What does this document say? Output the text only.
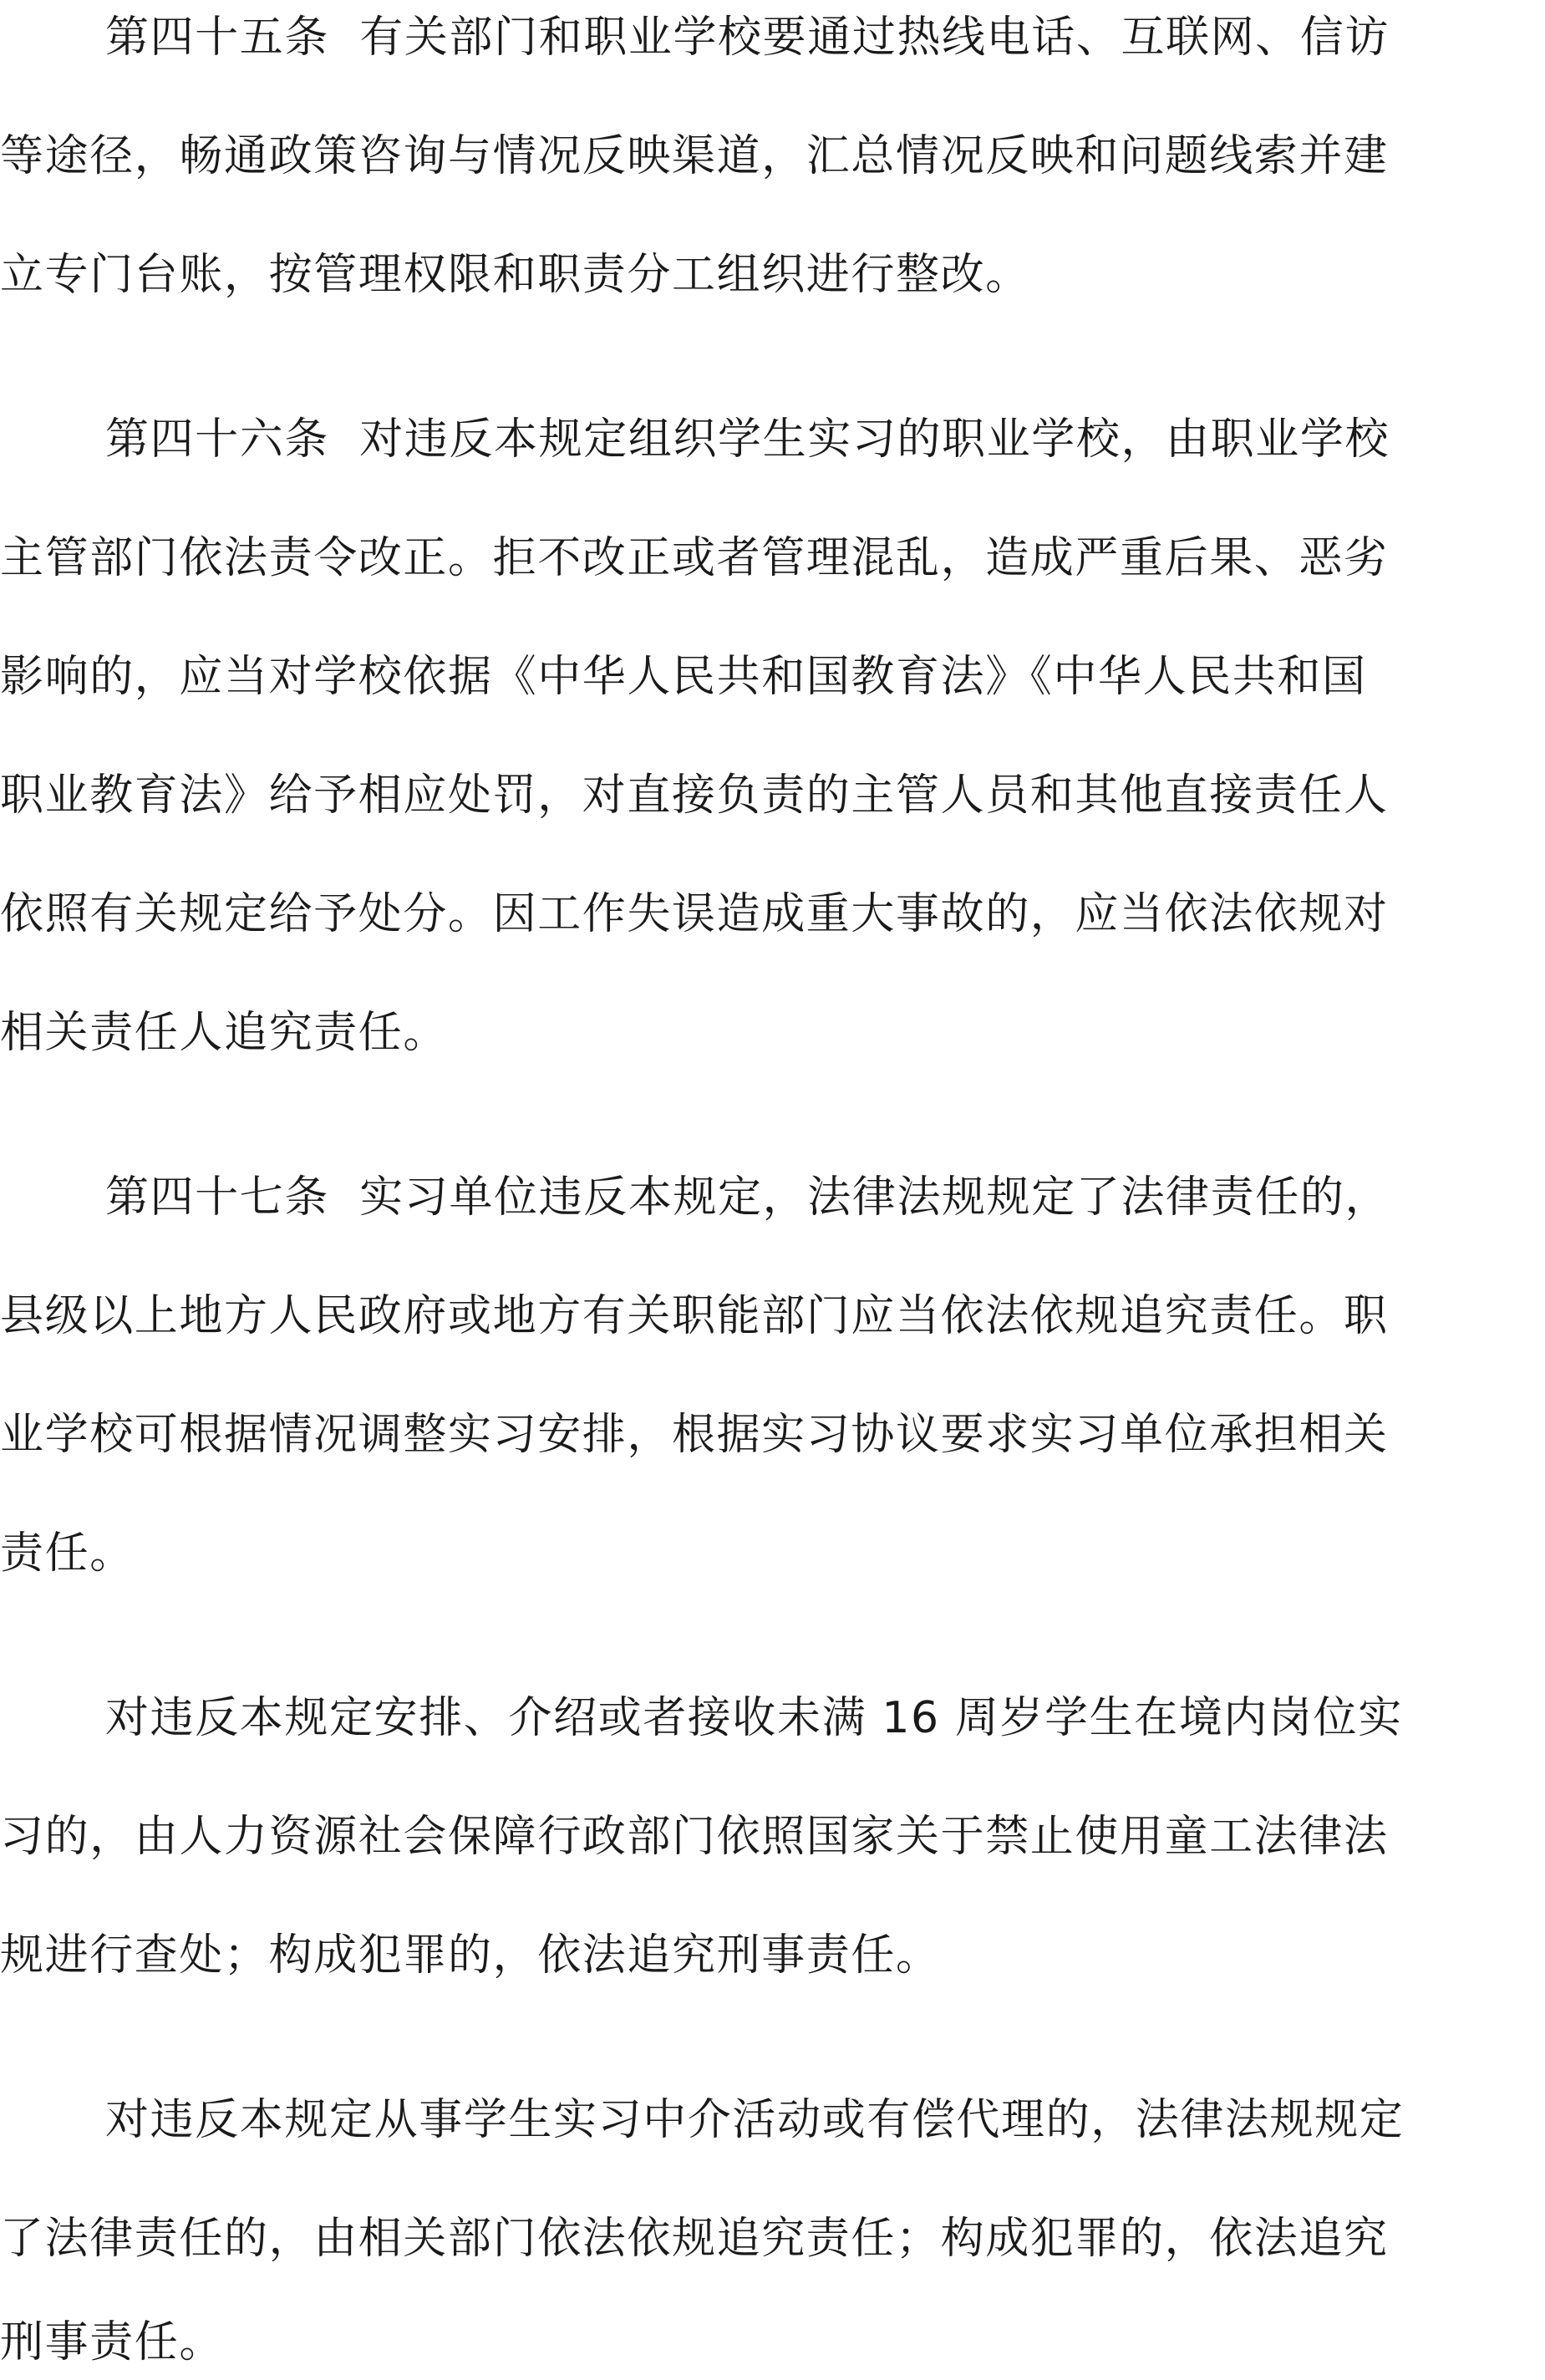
第四十五条  有关部门和职业学校要通过热线电话、互联网、信访
等途径，畅通政策咨询与情况反映渠道，汇总情况反映和问题线索并建
立专门台账，按管理权限和职责分工组织进行整改。
第四十六条  对违反本规定组织学生实习的职业学校，由职业学校
主管部门依法责令改正。拒不改正或者管理混乱，造成严重后果、恶劣
影响的，应当对学校依据《中华人民共和国教育法》《中华人民共和国
职业教育法》给予相应处罚，对直接负责的主管人员和其他直接责任人
依照有关规定给予处分。因工作失误造成重大事故的，应当依法依规对
相关责任人追究责任。
第四十七条  实习单位违反本规定，法律法规规定了法律责任的，
县级以上地方人民政府或地方有关职能部门应当依法依规追究责任。职
业学校可根据情况调整实习安排，根据实习协议要求实习单位承担相关
责任。
对违反本规定安排、介绍或者接收未满 16 周岁学生在境内岗位实
习的，由人力资源社会保障行政部门依照国家关于禁止使用童工法律法
规进行查处；构成犯罪的，依法追究刑事责任。
对违反本规定从事学生实习中介活动或有偿代理的，法律法规规定
了法律责任的，由相关部门依法依规追究责任；构成犯罪的，依法追究
刑事责任。
